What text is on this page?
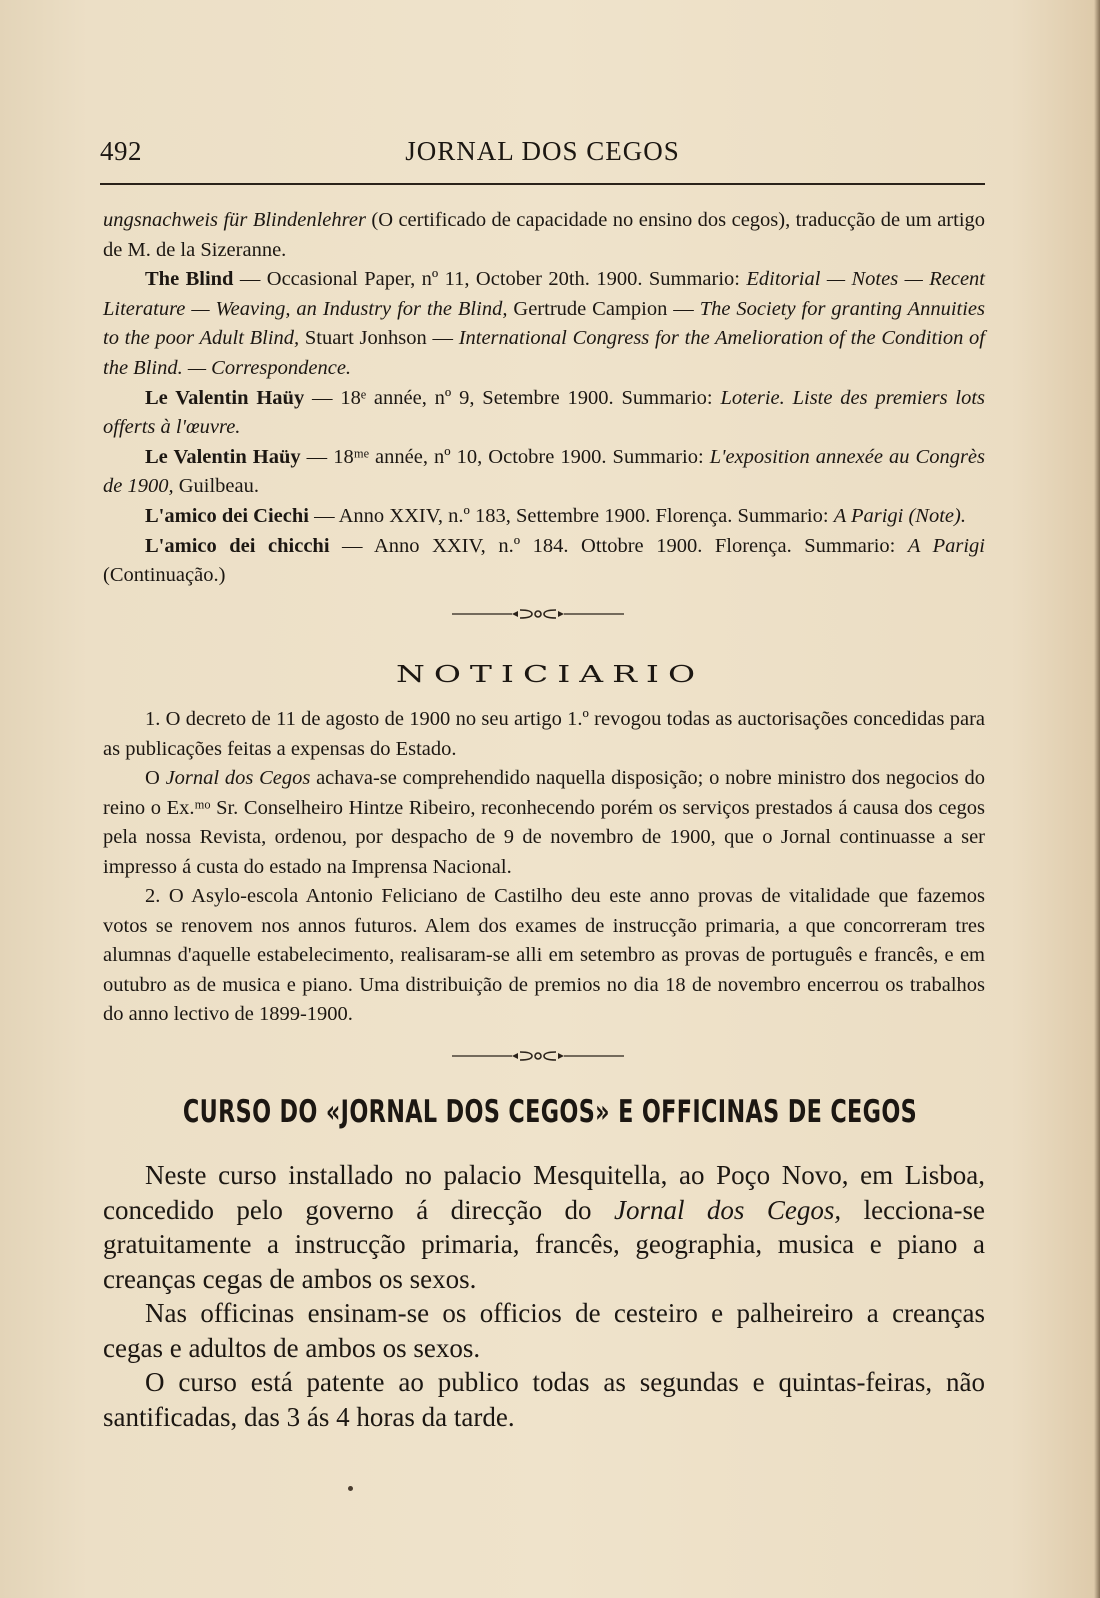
492	JORNAL DOS CEGOS

ungsnachweis für Blindenlehrer (O certificado de capacidade no ensino dos cegos), traducção de um artigo de M. de la Sizeranne.

The Blind — Occasional Paper, nº 11, October 20th. 1900. Summario: Editorial — Notes — Recent Literature — Weaving, an Industry for the Blind, Gertrude Campion — The Society for granting Annuities to the poor Adult Blind, Stuart Jonhson — International Congress for the Amelioration of the Condition of the Blind. — Correspondence.

Le Valentin Haüy — 18ᵉ année, nº 9, Setembre 1900. Summario: Loterie. Liste des premiers lots offerts à l'œuvre.

Le Valentin Haüy — 18ᵐᵉ année, nº 10, Octobre 1900. Summario: L'exposition annexée au Congrès de 1900, Guilbeau.

L'amico dei Ciechi — Anno XXIV, n.º 183, Settembre 1900. Florença. Summario: A Parigi (Note).

L'amico dei chicchi — Anno XXIV, n.º 184. Ottobre 1900. Florença. Summario: A Parigi (Continuação.)

NOTICIARIO

1. O decreto de 11 de agosto de 1900 no seu artigo 1.º revogou todas as auctorisações concedidas para as publicações feitas a expensas do Estado.

O Jornal dos Cegos achava-se comprehendido naquella disposição; o nobre ministro dos negocios do reino o Ex.ᵐᵒ Sr. Conselheiro Hintze Ribeiro, reconhecendo porém os serviços prestados á causa dos cegos pela nossa Revista, ordenou, por despacho de 9 de novembro de 1900, que o Jornal continuasse a ser impresso á custa do estado na Imprensa Nacional.

2. O Asylo-escola Antonio Feliciano de Castilho deu este anno provas de vitalidade que fazemos votos se renovem nos annos futuros. Alem dos exames de instrucção primaria, a que concorreram tres alumnas d'aquelle estabelecimento, realisaram-se alli em setembro as provas de português e francês, e em outubro as de musica e piano. Uma distribuição de premios no dia 18 de novembro encerrou os trabalhos do anno lectivo de 1899-1900.

CURSO DO «JORNAL DOS CEGOS» E OFFICINAS DE CEGOS

Neste curso installado no palacio Mesquitella, ao Poço Novo, em Lisboa, concedido pelo governo á direcção do Jornal dos Cegos, lecciona-se gratuitamente a instrucção primaria, francês, geographia, musica e piano a creanças cegas de ambos os sexos.

Nas officinas ensinam-se os officios de cesteiro e palheireiro a creanças cegas e adultos de ambos os sexos.

O curso está patente ao publico todas as segundas e quintas-feiras, não santificadas, das 3 ás 4 horas da tarde.
